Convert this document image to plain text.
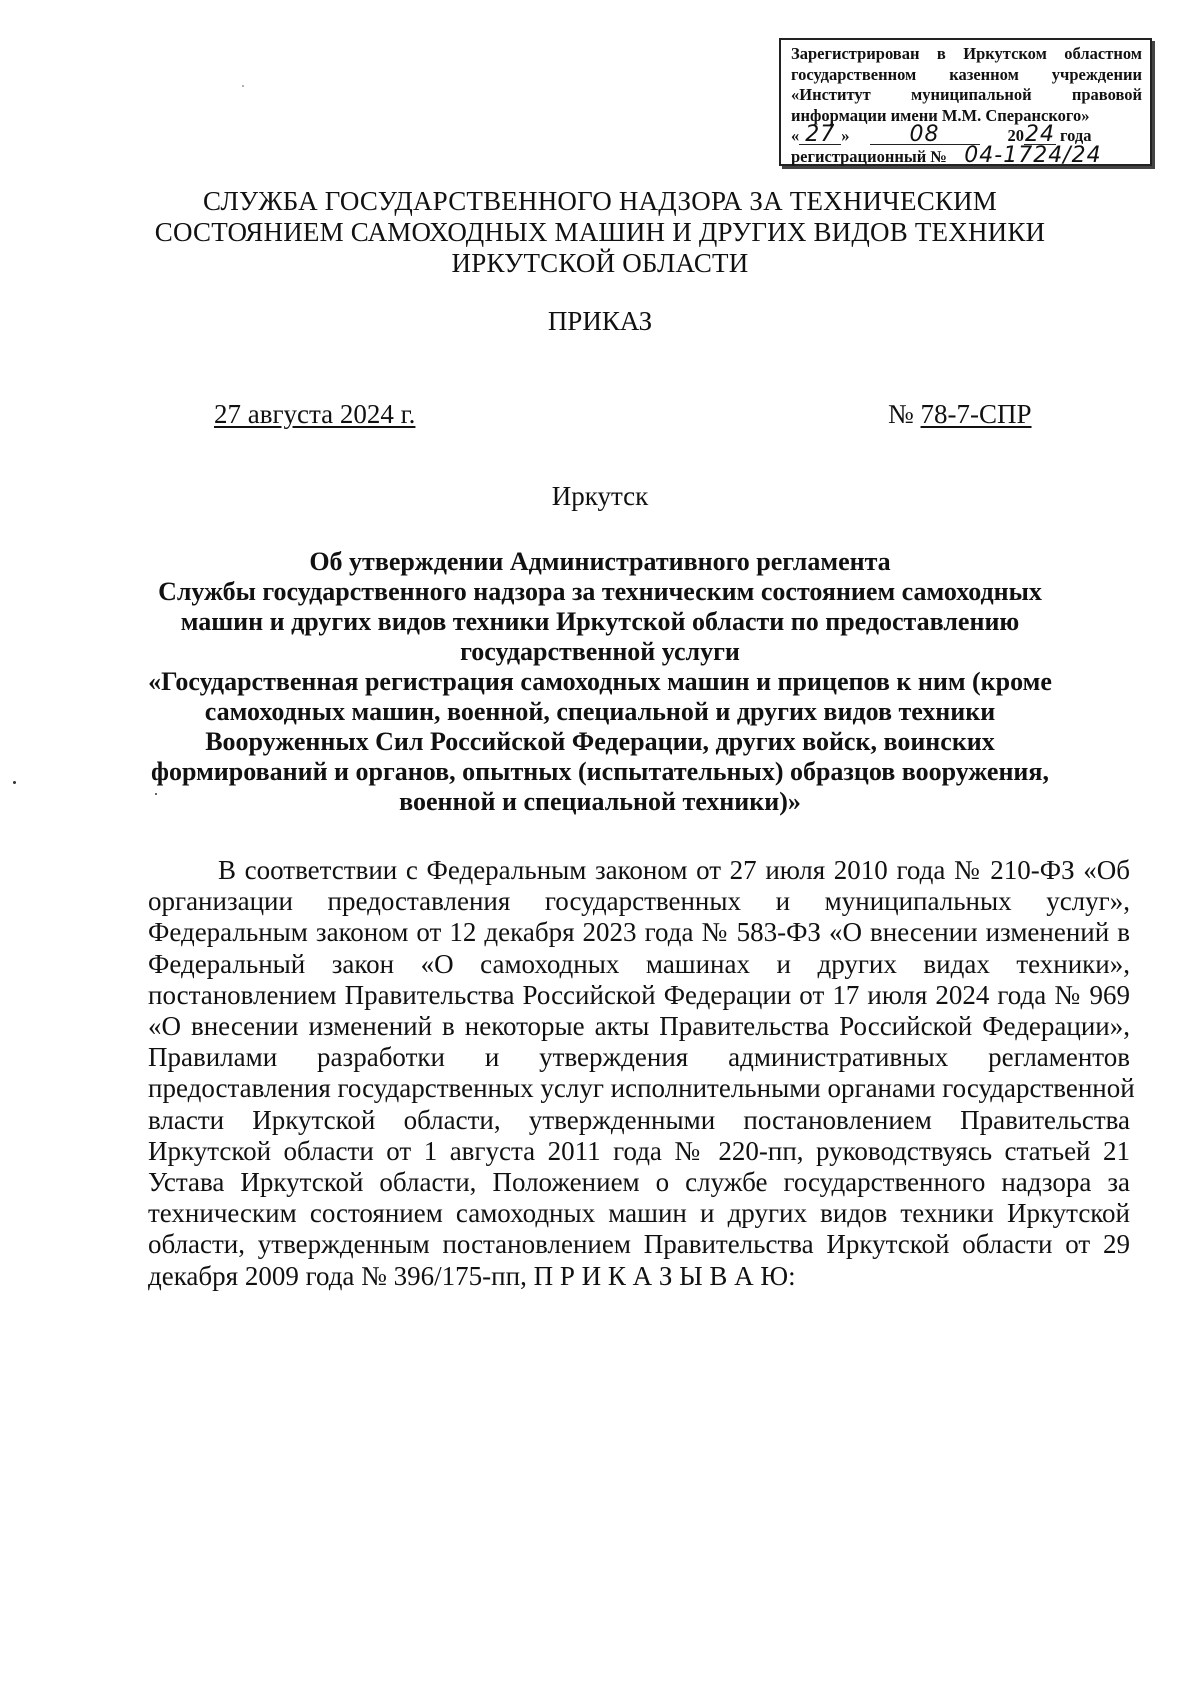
Зарегистрирован в Иркутском областном
государственном казенном учреждении
«Институт муниципальной правовой
информации имени М.М. Сперанского»
« 27 »	08	20 24 года
регистрационный № 04-1724/24
СЛУЖБА ГОСУДАРСТВЕННОГО НАДЗОРА ЗА ТЕХНИЧЕСКИМ
СОСТОЯНИЕМ САМОХОДНЫХ МАШИН И ДРУГИХ ВИДОВ ТЕХНИКИ
ИРКУТСКОЙ ОБЛАСТИ
ПРИКАЗ
27 августа 2024 г.	№ 78-7-СПР
Иркутск
Об утверждении Административного регламента
Службы государственного надзора за техническим состоянием самоходных
машин и других видов техники Иркутской области по предоставлению
государственной услуги
«Государственная регистрация самоходных машин и прицепов к ним (кроме
самоходных машин, военной, специальной и других видов техники
Вооруженных Сил Российской Федерации, других войск, воинских
формирований и органов, опытных (испытательных) образцов вооружения,
военной и специальной техники)»
В соответствии с Федеральным законом от 27 июля 2010 года № 210-ФЗ «Об
организации предоставления государственных и муниципальных услуг»,
Федеральным законом от 12 декабря 2023 года № 583-ФЗ «О внесении изменений в
Федеральный закон «О самоходных машинах и других видах техники»,
постановлением Правительства Российской Федерации от 17 июля 2024 года № 969
«О внесении изменений в некоторые акты Правительства Российской Федерации»,
Правилами разработки и утверждения административных регламентов
предоставления государственных услуг исполнительными органами государственной
власти Иркутской области, утвержденными постановлением Правительства
Иркутской области от 1 августа 2011 года № 220-пп, руководствуясь статьей 21
Устава Иркутской области, Положением о службе государственного надзора за
техническим состоянием самоходных машин и других видов техники Иркутской
области, утвержденным постановлением Правительства Иркутской области от 29
декабря 2009 года № 396/175-пп, П Р И К А З Ы В А Ю:
